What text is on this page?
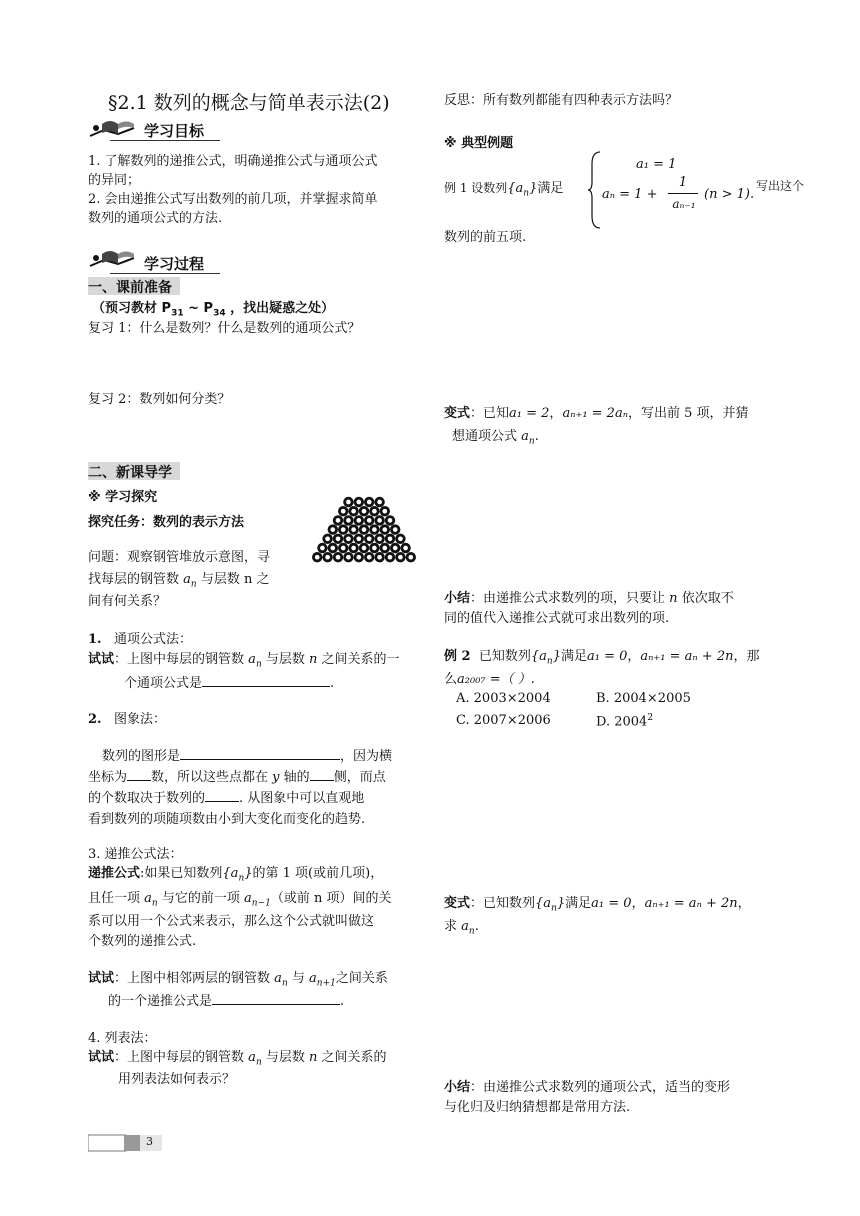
§2.1 数列的概念与简单表示法(2)
学习目标
1. 了解数列的递推公式，明确递推公式与通项公式
的异同；
2. 会由递推公式写出数列的前几项，并掌握求简单
数列的通项公式的方法.
学习过程
一、课前准备
（预习教材 $P_{31}$ ~ $P_{34}$ ，找出疑惑之处）
复习 1：什么是数列？什么是数列的通项公式？
复习 2：数列如何分类？
二、新课导学
※ 学习探究
探究任务：数列的表示方法
问题：观察钢管堆放示意图，寻
找每层的钢管数 $a_n$ 与层数 n 之
间有何关系？
1. 通项公式法：
试试：上图中每层的钢管数 $a_n$ 与层数 n 之间关系的一
个通项公式是	.
2. 图象法：
数列的图形是	，因为横
坐标为 数，所以这些点都在 y 轴的 侧，而点
的个数取决于数列的	. 从图象中可以直观地
看到数列的项随项数由小到大变化而变化的趋势.
3. 递推公式法：
递推公式:如果已知数列$\{a_n\}$的第 1 项(或前几项)，
且任一项 $a_n$ 与它的前一项 $a_{n-1}$（或前 n 项）间的关
系可以用一个公式来表示，那么这个公式就叫做这
个数列的递推公式.
试试：上图中相邻两层的钢管数 $a_n$ 与 $a_{n+1}$之间关系
的一个递推公式是	.
4. 列表法：
试试：上图中每层的钢管数 $a_n$ 与层数 n 之间关系的
用列表法如何表示？
3
反思：所有数列都能有四种表示方法吗？
※ 典型例题
例 1 设数列$\{a_n\}$满足
a₁ = 1
aₙ = 1 +
1
aₙ₋₁
(n > 1).
写出这个
数列的前五项.
变式：已知a₁ = 2，aₙ₊₁ = 2aₙ，写出前 5 项，并猜
想通项公式 $a_n$.
小结：由递推公式求数列的项，只要让 n 依次取不
同的值代入递推公式就可求出数列的项.
例 2 已知数列$\{a_n\}$满足a₁ = 0，aₙ₊₁ = aₙ + 2n，那
么a₂₀₀₇ =（ ）.
A. 2003×2004	B. 2004×2005
C. 2007×2006	D. 2004$^2$
变式：已知数列$\{a_n\}$满足a₁ = 0，aₙ₊₁ = aₙ + 2n，
求 $a_n$.
小结：由递推公式求数列的通项公式，适当的变形
与化归及归纳猜想都是常用方法.
